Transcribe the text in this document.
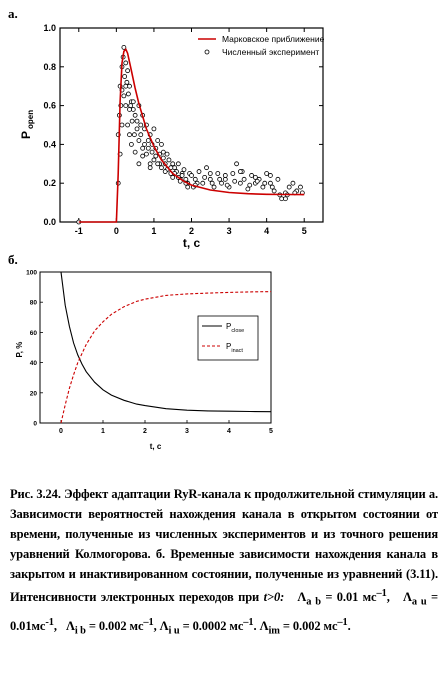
а.
-1	0	1	2	3	4	5
0.0
0.2
0.4
0.6
0.8
1.0
t, c
$P_{open}$
Марковское приближение
Численный эксперимент
б.
0	1	2	3	4	5
0
20
40
60
80
100
t, c
P, %
$P_{close}$
$P_{inact}$

Рис. 3.24. Эффект адаптации RyR-канала к продолжительной стимуляции а. Зависимости вероятностей нахождения канала в открытом состоянии от времени, полученные из численных экспериментов и из точного решения уравнений Колмогорова. б. Временные зависимости нахождения канала в закрытом и инактивированном состоянии, полученные из уравнений (3.11). Интенсивности электронных переходов при t>0: $\Lambda_{a b} = 0.01$ $мс^{-1}$, $\Lambda_{a u} = 0.01мс^{-1}$, $\Lambda_{i b} = 0.002$ $мс^{-1}$, $\Lambda_{i u} = 0.0002$ $мс^{-1}$. $\Lambda_{im} = 0.002$ $мс^{-1}$.
